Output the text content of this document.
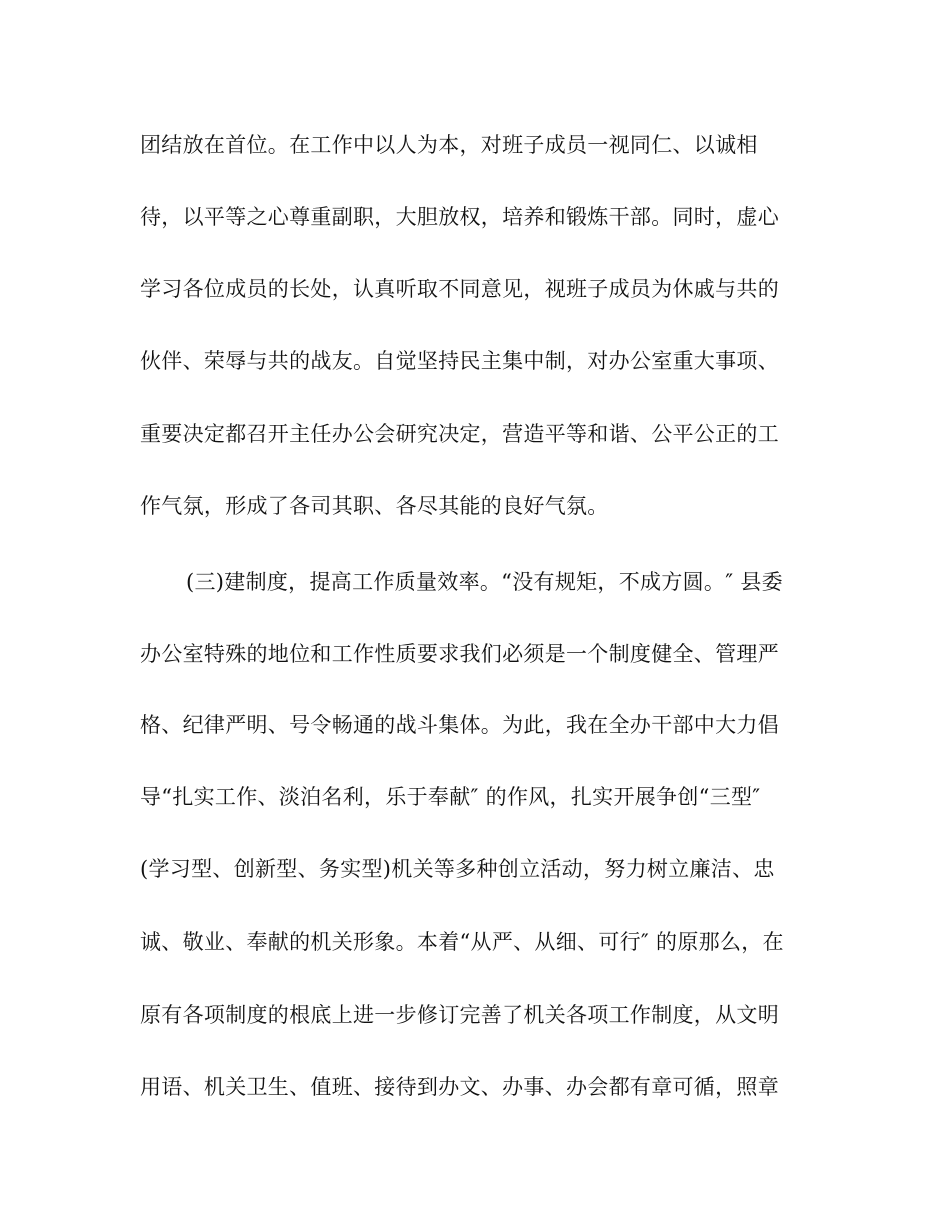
团结放在首位。在工作中以人为本，对班子成员一视同仁、以诚相
待，以平等之心尊重副职，大胆放权，培养和锻炼干部。同时，虚心
学习各位成员的长处，认真听取不同意见，视班子成员为休戚与共的
伙伴、荣辱与共的战友。自觉坚持民主集中制，对办公室重大事项、
重要决定都召开主任办公会研究决定，营造平等和谐、公平公正的工
作气氛，形成了各司其职、各尽其能的良好气氛。
(三)建制度，提高工作质量效率。“没有规矩，不成方圆。″ 县委
办公室特殊的地位和工作性质要求我们必须是一个制度健全、管理严
格、纪律严明、号令畅通的战斗集体。为此，我在全办干部中大力倡
导“扎实工作、淡泊名利，乐于奉献″ 的作风，扎实开展争创“三型″
(学习型、创新型、务实型)机关等多种创立活动，努力树立廉洁、忠
诚、敬业、奉献的机关形象。本着“从严、从细、可行″ 的原那么，在
原有各项制度的根底上进一步修订完善了机关各项工作制度，从文明
用语、机关卫生、值班、接待到办文、办事、办会都有章可循，照章
